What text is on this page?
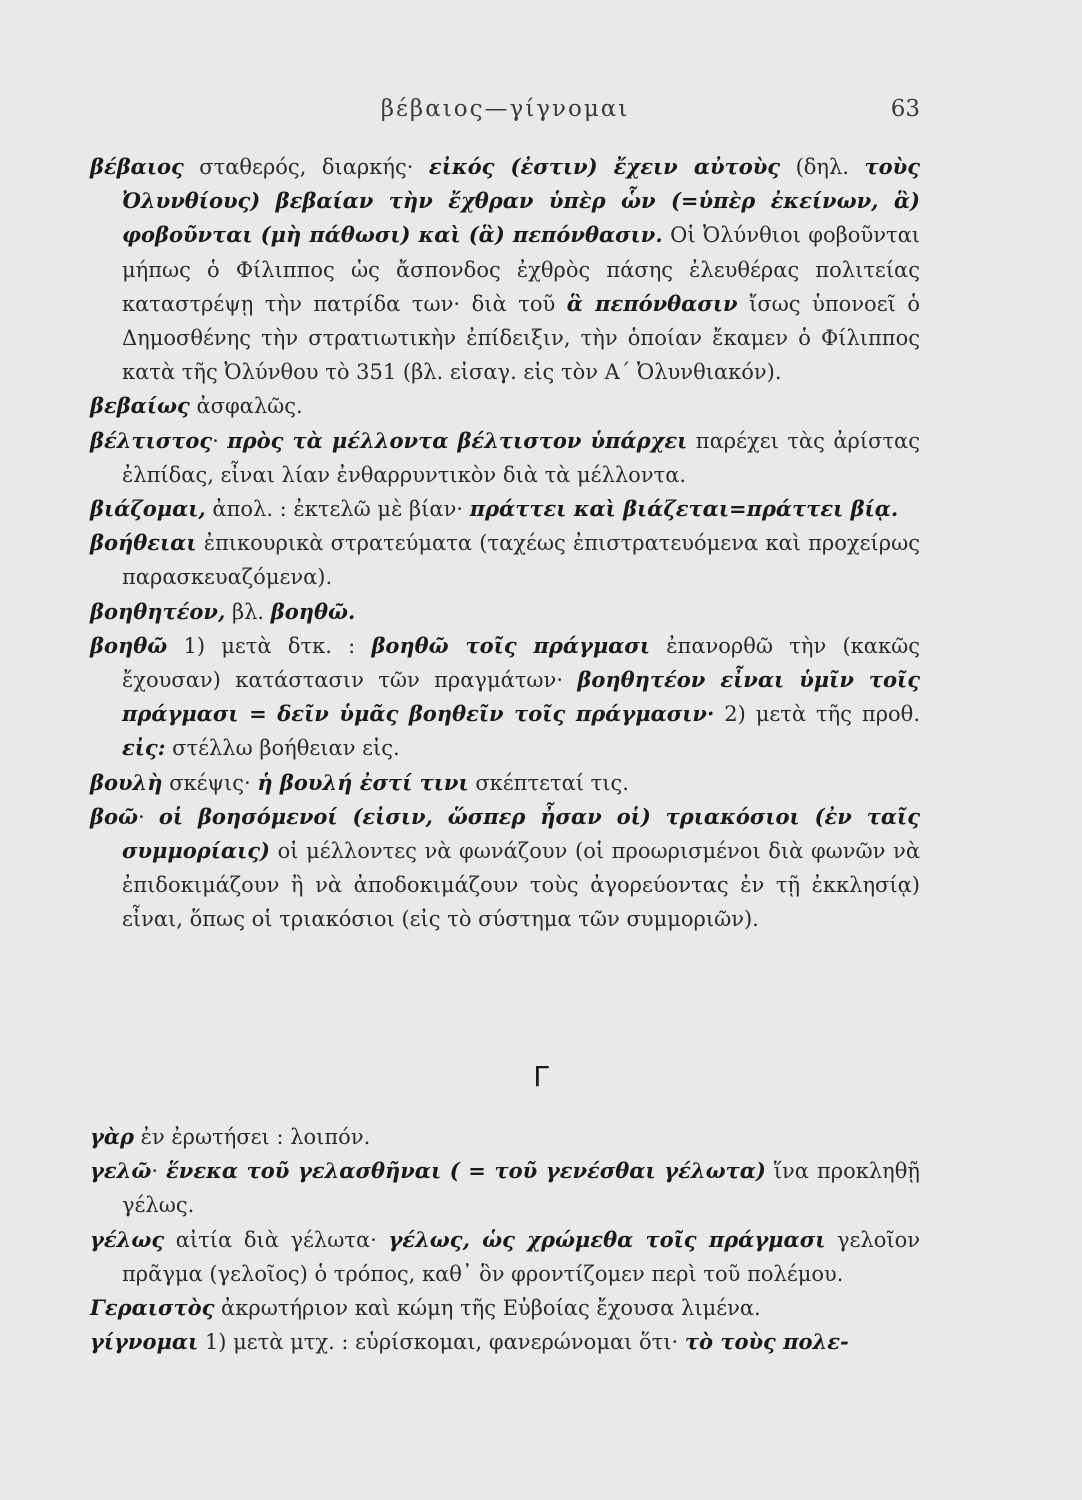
βέβαιος—γίγνομαι	63

βέβαιος σταθερός, διαρκής· εἰκός (ἐστιν) ἔχειν αὐτοὺς (δηλ. τοὺς Ὀλυνθίους) βεβαίαν τὴν ἔχθραν ὑπὲρ ὧν (=ὑπὲρ ἐκείνων, ἃ) φοβοῦνται (μὴ πάθωσι) καὶ (ἃ) πεπόνθασιν. Οἱ Ὀλύνθιοι φοβοῦνται μήπως ὁ Φίλιππος ὡς ἄσπονδος ἐχθρὸς πάσης ἐλευθέρας πολιτείας καταστρέψῃ τὴν πατρίδα των· διὰ τοῦ ἃ πεπόνθασιν ἴσως ὑπονοεῖ ὁ Δημοσθένης τὴν στρατιωτικὴν ἐπίδειξιν, τὴν ὁποίαν ἔκαμεν ὁ Φίλιππος κατὰ τῆς Ὀλύνθου τὸ 351 (βλ. εἰσαγ. εἰς τὸν Α΄ Ὀλυνθιακόν).

βεβαίως ἀσφαλῶς.

βέλτιστος· πρὸς τὰ μέλλοντα βέλτιστον ὑπάρχει παρέχει τὰς ἀρίστας ἐλπίδας, εἶναι λίαν ἐνθαρρυντικὸν διὰ τὰ μέλλοντα.

βιάζομαι, ἀπολ. : ἐκτελῶ μὲ βίαν· πράττει καὶ βιάζεται=πράττει βίᾳ.

βοήθειαι ἐπικουρικὰ στρατεύματα (ταχέως ἐπιστρατευόμενα καὶ προχείρως παρασκευαζόμενα).

βοηθητέον, βλ. βοηθῶ.

βοηθῶ 1) μετὰ δτκ. : βοηθῶ τοῖς πράγμασι ἐπανορθῶ τὴν (κακῶς ἔχουσαν) κατάστασιν τῶν πραγμάτων· βοηθητέον εἶναι ὑμῖν τοῖς πράγμασι = δεῖν ὑμᾶς βοηθεῖν τοῖς πράγμασιν· 2) μετὰ τῆς προθ. εἰς: στέλλω βοήθειαν εἰς.

βουλὴ σκέψις· ἡ βουλή ἐστί τινι σκέπτεταί τις.

βοῶ· οἱ βοησόμενοί (εἰσιν, ὥσπερ ἦσαν οἱ) τριακόσιοι (ἐν ταῖς συμμορίαις) οἱ μέλλοντες νὰ φωνάζουν (οἱ προωρισμένοι διὰ φωνῶν νὰ ἐπιδοκιμάζουν ἢ νὰ ἀποδοκιμάζουν τοὺς ἀγορεύοντας ἐν τῇ ἐκκλησίᾳ) εἶναι, ὅπως οἱ τριακόσιοι (εἰς τὸ σύστημα τῶν συμμοριῶν).

Γ

γὰρ ἐν ἐρωτήσει : λοιπόν.

γελῶ· ἕνεκα τοῦ γελασθῆναι ( = τοῦ γενέσθαι γέλωτα) ἵνα προκληθῇ γέλως.

γέλως αἰτία διὰ γέλωτα· γέλως, ὡς χρώμεθα τοῖς πράγμασι γελοῖον πρᾶγμα (γελοῖος) ὁ τρόπος, καθ᾽ ὃν φροντίζομεν περὶ τοῦ πολέμου.

Γεραιστὸς ἀκρωτήριον καὶ κώμη τῆς Εὐβοίας ἔχουσα λιμένα.

γίγνομαι 1) μετὰ μτχ. : εὑρίσκομαι, φανερώνομαι ὅτι· τὸ τοὺς πολε-
